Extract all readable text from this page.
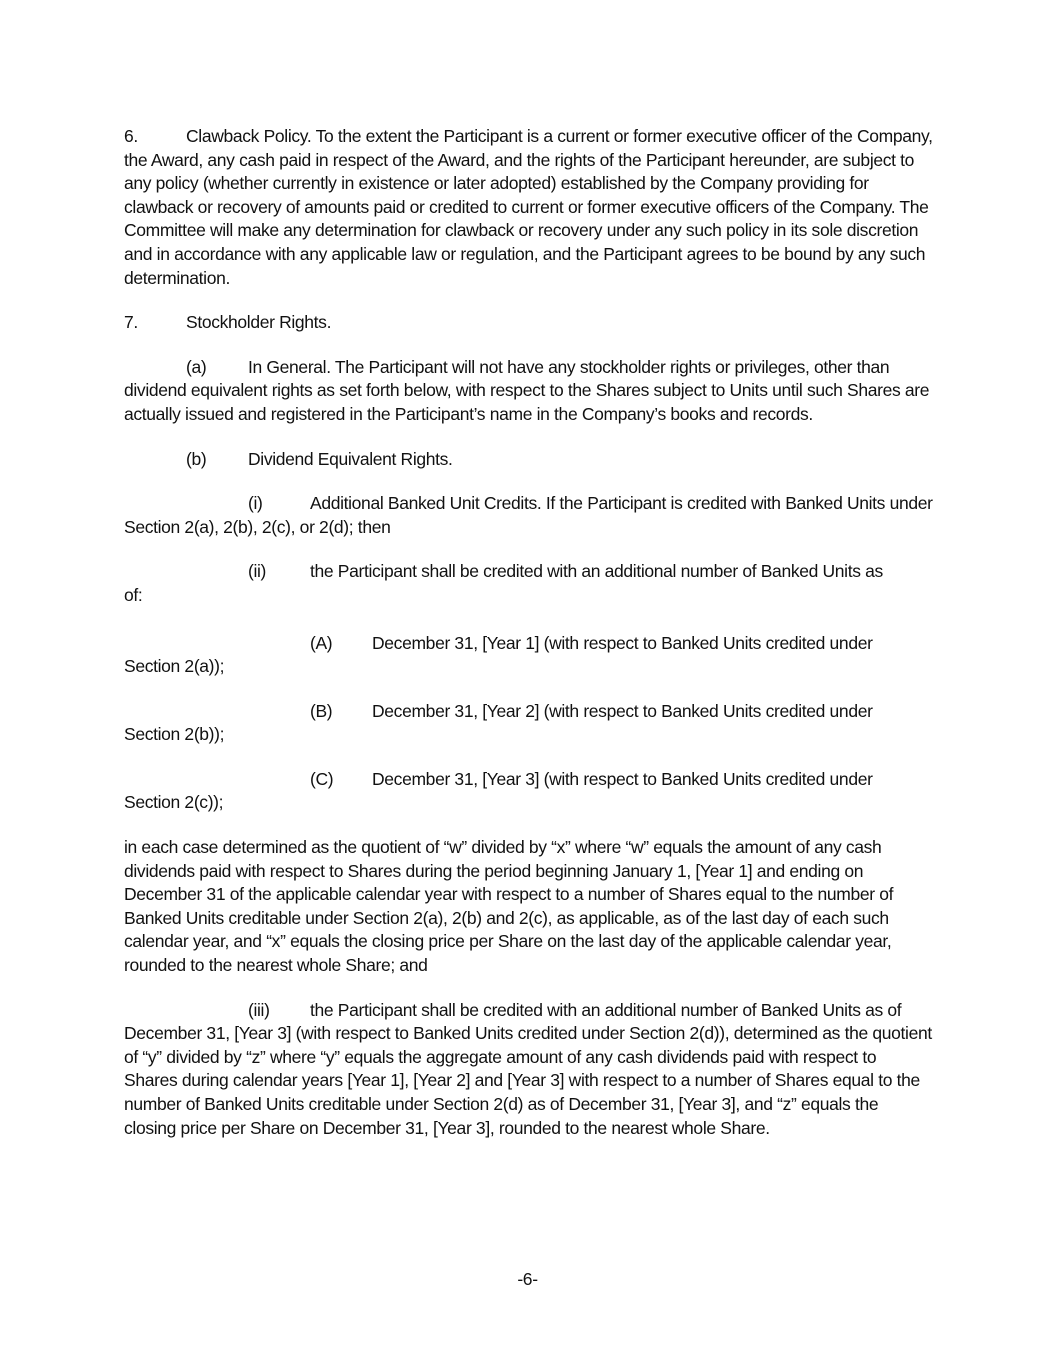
6.	Clawback Policy. To the extent the Participant is a current or former executive officer of the Company, the Award, any cash paid in respect of the Award, and the rights of the Participant hereunder, are subject to any policy (whether currently in existence or later adopted) established by the Company providing for clawback or recovery of amounts paid or credited to current or former executive officers of the Company. The Committee will make any determination for clawback or recovery under any such policy in its sole discretion and in accordance with any applicable law or regulation, and the Participant agrees to be bound by any such determination.

7.	Stockholder Rights.

(a) In General. The Participant will not have any stockholder rights or privileges, other than dividend equivalent rights as set forth below, with respect to the Shares subject to Units until such Shares are actually issued and registered in the Participant’s name in the Company’s books and records.

(b) Dividend Equivalent Rights.

(i)	Additional Banked Unit Credits. If the Participant is credited with Banked Units under Section 2(a), 2(b), 2(c), or 2(d); then

(ii)	the Participant shall be credited with an additional number of Banked Units as of:

(A) December 31, [Year 1] (with respect to Banked Units credited under Section 2(a));

(B) December 31, [Year 2] (with respect to Banked Units credited under Section 2(b));

(C) December 31, [Year 3] (with respect to Banked Units credited under Section 2(c));

in each case determined as the quotient of “w” divided by “x” where “w” equals the amount of any cash dividends paid with respect to Shares during the period beginning January 1, [Year 1] and ending on December 31 of the applicable calendar year with respect to a number of Shares equal to the number of Banked Units creditable under Section 2(a), 2(b) and 2(c), as applicable, as of the last day of each such calendar year, and “x” equals the closing price per Share on the last day of the applicable calendar year, rounded to the nearest whole Share; and

(iii) the Participant shall be credited with an additional number of Banked Units as of December 31, [Year 3] (with respect to Banked Units credited under Section 2(d)), determined as the quotient of “y” divided by “z” where “y” equals the aggregate amount of any cash dividends paid with respect to Shares during calendar years [Year 1], [Year 2] and [Year 3] with respect to a number of Shares equal to the number of Banked Units creditable under Section 2(d) as of December 31, [Year 3], and “z” equals the closing price per Share on December 31, [Year 3], rounded to the nearest whole Share.

-6-
